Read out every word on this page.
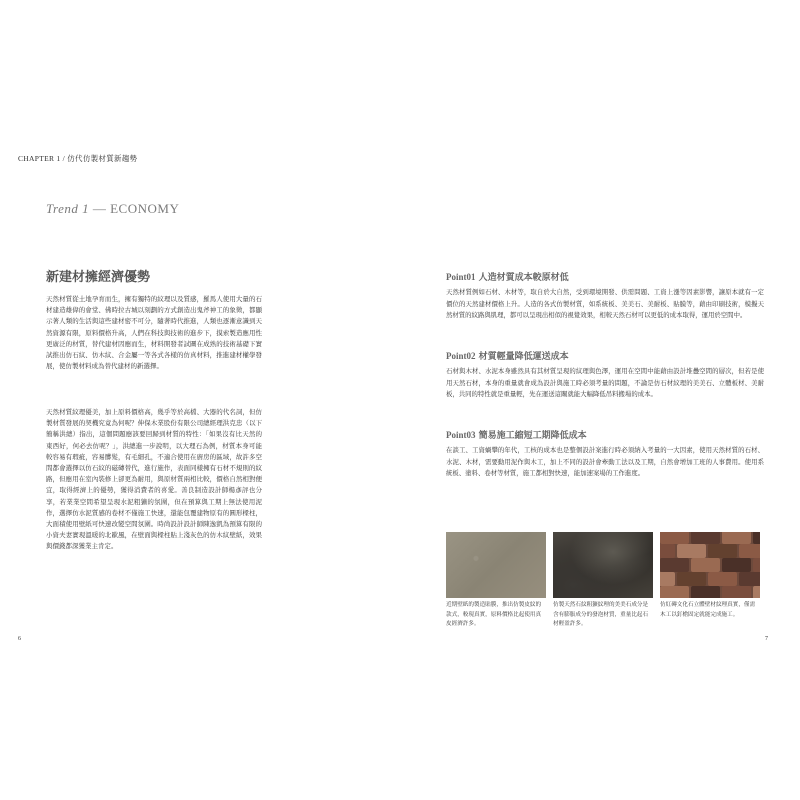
CHAPTER 1 / 仿代仿製材質新趨勢
Trend 1 — ECONOMY
新建材擁經濟優勢

天然材質從土地孕育而生，擁有獨特的紋理以及質感，羅馬人使用大量的石材建造雄偉的會堂、佛時拉古城以刻劃的方式創造出鬼斧神工的象徵，都顯示著人類的生活與這些建材密不可分，隨著時代推進，人類也逐漸意識到天然資源有限，原料價格升高，人們在科技與技術的進步下，摸索製造應用性更廣泛的材質，替代建材因應而生，材料開發者試圖在成熟的技術基礎下實試推出仿石紋、仿木紋、合金屬一等各式各樣的仿真材料，推進建材權學發展，使仿製材料成為替代建材的新選擇。

天然材質紋理優美，加上原料價格高，幾乎等於高檔、大器的代名詞，但仿製材質發展的契機究竟為何呢？伸保木業股份有限公司總經理洪克忠（以下簡稱洪總）指出，這個問題應該要回歸到材質的特性：「如果沒有比天然的東西好，何必去仿呢？」，洪總進一步說明，以大理石為例，材質本身可能較容易有瑕疵，容易髒髮，有毛細孔，不適合使用在廚房的區域，故許多空間都會選擇以仿石紋的磁磚替代，進行施作，表面同樣擁有石材不規則的紋路，但應用在室內裝修上卻更為耐用，與原材質兩相比較，價格自然相對便宜，取得經濟上的優勢，獲得消費者的喜愛。善良制造設計師楊彥評也分享，若業業空間希望呈現水泥粗獷的氛圍，但在預算與工期上無法使用泥作，選擇仿水泥質感的卷材不僅施工快速，還能包覆建物原有的圓形樑柱，大面積使用壁紙可快速改變空間氛圍。時尚設計設計師陳逸凱為預算有限的小資夫妻實現溫暖的北歐風，在壁面與樑柱貼上淺灰色的仿木紋壁紙，效果與價錢都深獲業主肯定。

Point01 人造材質成本較原材低

天然材質例如石材、木材等，取自於大自然，受到環境開發、供需問題、工資上漲等因素影響，讓原本就有一定價位的天然建材價格上升。人造的各式仿製材質，如系統板、美美石、美耐板、貼膜等，藉由印刷技術，模擬天然材質的紋路與肌理，都可以呈現出相似的視覺效果，相較天然石材可以更低的成本取得，運用於空間中。

Point02 材質輕量降低運送成本

石材與木材、水泥本身雖然具有其材質呈現的紋理與色澤，運用在空間中能藉由設計堆疊空間的層次，但若是使用天然石材，本身的重量就會成為設計與施工時必須考量的問題，不論是仿石材紋理的美美石、立體板材、美耐板，共同的特性就是重量輕，先在運送這關就能大幅降低吊料搬場的成本。

Point03 簡易施工縮短工期降低成本

在談工、工資蝸攀的年代，工核的成本也是整個設計案進行時必須納入考量的一大因素，使用天然材質的石材、水泥、木材，需要動用泥作與木工，加上不同的設計會牽動工法以及工期，自然會增加工班的人事費用。使用系統板、塗料、卷材等材質，施工都相對快速，能加速案場的工作進度。

近期壁紙的製造貼膜，推出仿製皮紋的款式，較現真實，原料價格比起使用真皮經濟許多。

仿製天然石紋粗獷紋理的美美石成分是含有膨脹成分的發泡材質，重量比起石材輕盈許多。

仿紅磚文化石立體壁材紋理真實，僅需木工以釘槍固定就能完成施工。

6	7
